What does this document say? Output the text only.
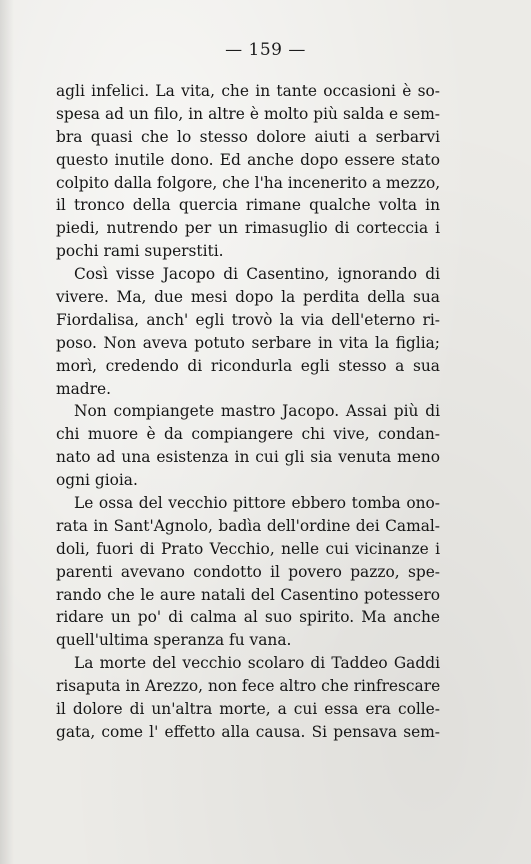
— 159 —
agli infelici. La vita, che in tante occasioni è so-
spesa ad un filo, in altre è molto più salda e sem-
bra quasi che lo stesso dolore aiuti a serbarvi
questo inutile dono. Ed anche dopo essere stato
colpito dalla folgore, che l'ha incenerito a mezzo,
il tronco della quercia rimane qualche volta in
piedi, nutrendo per un rimasuglio di corteccia i
pochi rami superstiti.
Così visse Jacopo di Casentino, ignorando di
vivere. Ma, due mesi dopo la perdita della sua
Fiordalisa, anch' egli trovò la via dell'eterno ri-
poso. Non aveva potuto serbare in vita la figlia;
morì, credendo di ricondurla egli stesso a sua
madre.
Non compiangete mastro Jacopo. Assai più di
chi muore è da compiangere chi vive, condan-
nato ad una esistenza in cui gli sia venuta meno
ogni gioia.
Le ossa del vecchio pittore ebbero tomba ono-
rata in Sant'Agnolo, badìa dell'ordine dei Camal-
doli, fuori di Prato Vecchio, nelle cui vicinanze i
parenti avevano condotto il povero pazzo, spe-
rando che le aure natali del Casentino potessero
ridare un po' di calma al suo spirito. Ma anche
quell'ultima speranza fu vana.
La morte del vecchio scolaro di Taddeo Gaddi
risaputa in Arezzo, non fece altro che rinfrescare
il dolore di un'altra morte, a cui essa era colle-
gata, come l' effetto alla causa. Si pensava sem-
